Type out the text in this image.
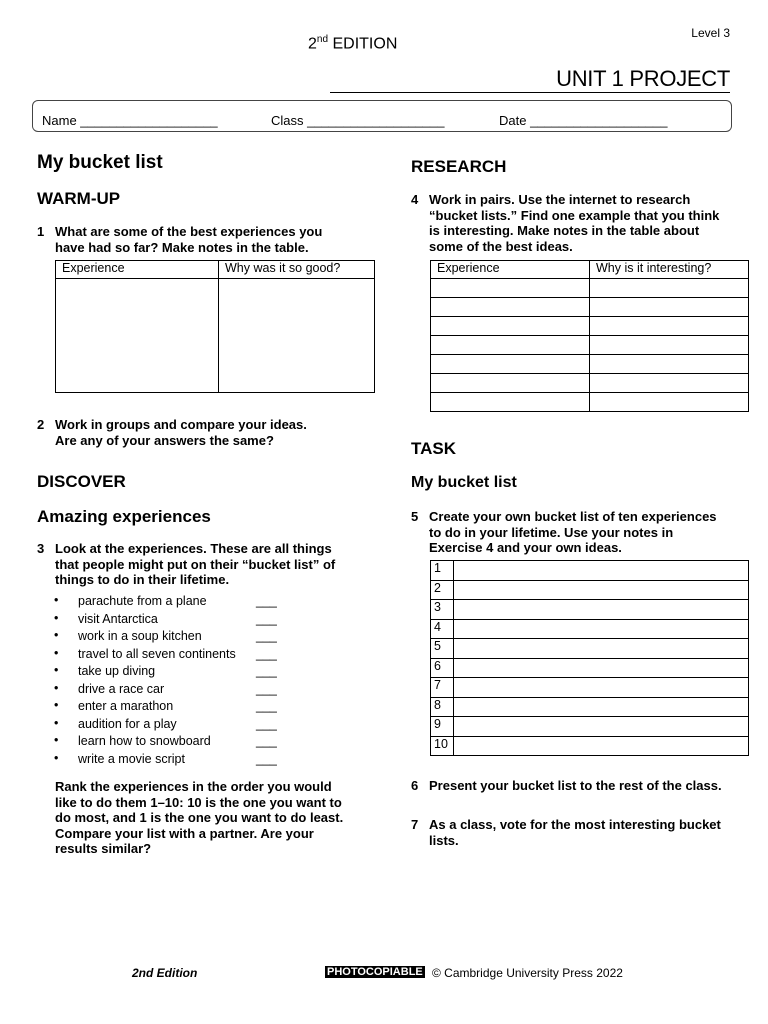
2nd EDITION
Level 3
UNIT 1 PROJECT
Name ___________________	Class ___________________	Date ___________________
My bucket list
WARM-UP
1 What are some of the best experiences you
have had so far? Make notes in the table.
Experience	Why was it so good?

2 Work in groups and compare your ideas.
Are any of your answers the same?
DISCOVER
Amazing experiences
3 Look at the experiences. These are all things
that people might put on their “bucket list” of
things to do in their lifetime.
• parachute from a plane	___
• visit Antarctica	___
• work in a soup kitchen	___
• travel to all seven continents ___
• take up diving	___
• drive a race car	___
• enter a marathon	___
• audition for a play	___
• learn how to snowboard	___
• write a movie script	___
Rank the experiences in the order you would
like to do them 1–10: 10 is the one you want to
do most, and 1 is the one you want to do least.
Compare your list with a partner. Are your
results similar?
RESEARCH
4 Work in pairs. Use the internet to research
“bucket lists.” Find one example that you think
is interesting. Make notes in the table about
some of the best ideas.
Experience	Why is it interesting?

TASK
My bucket list
5 Create your own bucket list of ten experiences
to do in your lifetime. Use your notes in
Exercise 4 and your own ideas.
1	
2	
3	
4	
5	
6	
7	
8	
9	
10	
6 Present your bucket list to the rest of the class.
7 As a class, vote for the most interesting bucket
lists.
2nd Edition	PHOTOCOPIABLE © Cambridge University Press 2022
